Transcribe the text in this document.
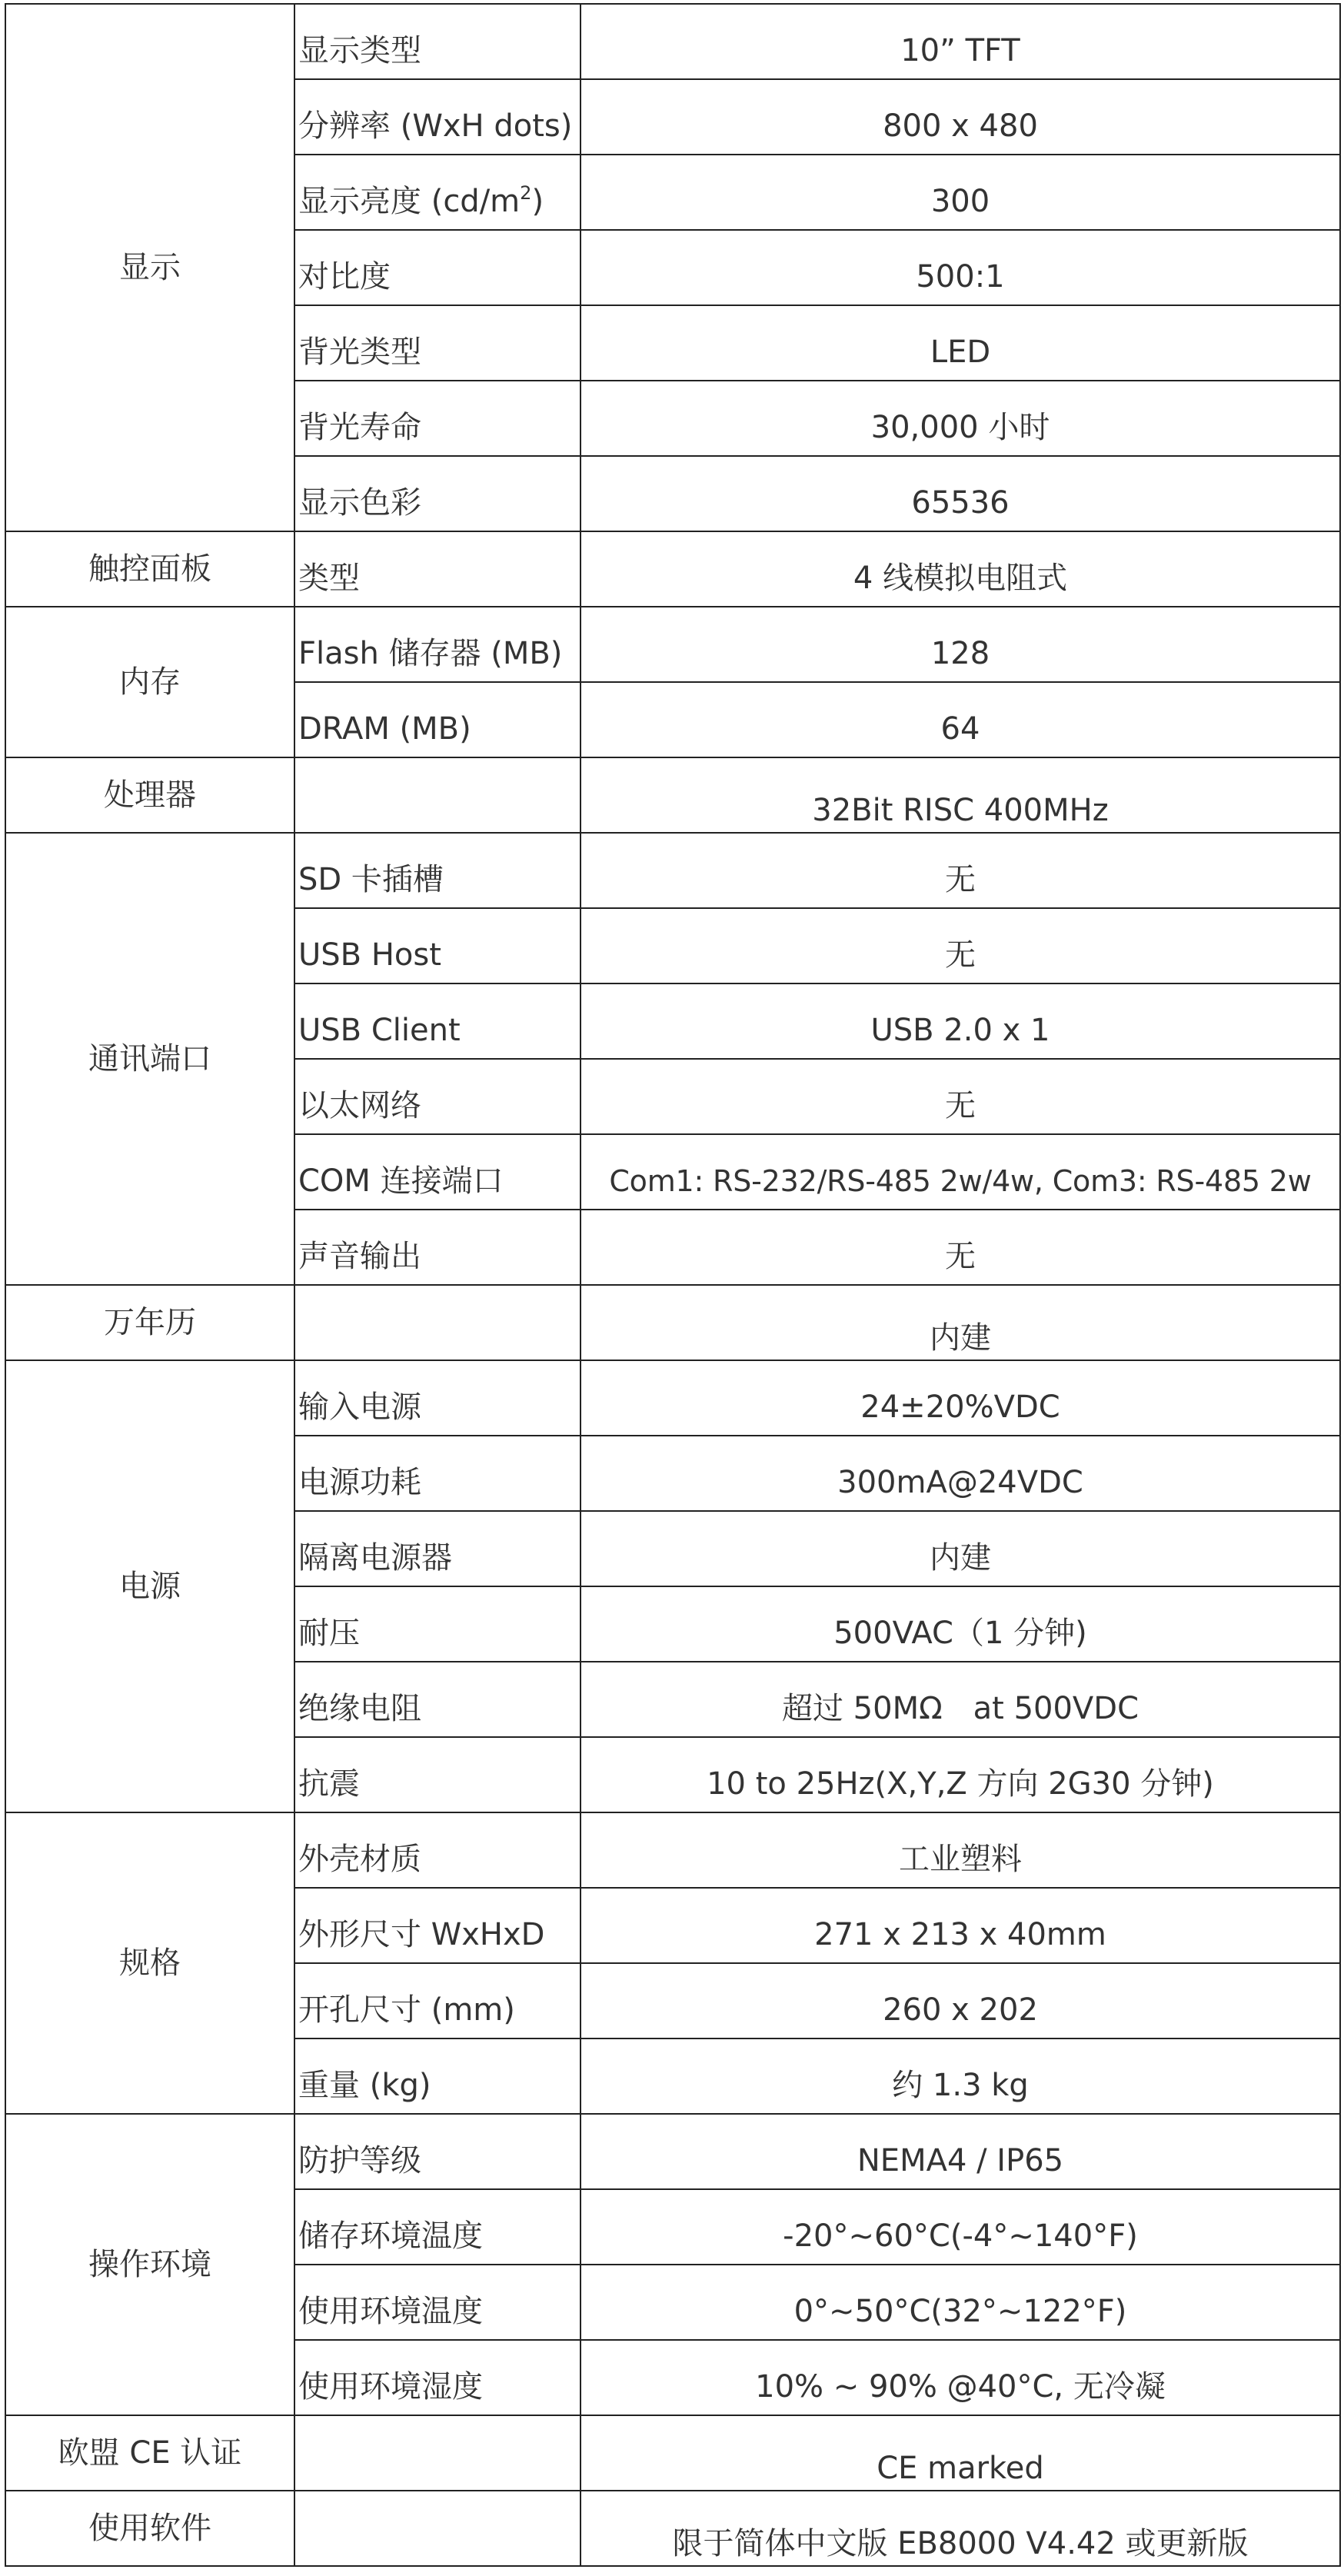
显示	显示类型	10” TFT
	分辨率 (WxH dots)	800 x 480
	显示亮度 $(cd/m^2)$	300
	对比度	500:1
	背光类型	LED
	背光寿命	30,000 小时
	显示色彩	65536
触控面板	类型	4 线模拟电阻式
内存	Flash 储存器 (MB)	128
	DRAM (MB)	64
处理器		32Bit RISC 400MHz
通讯端口	SD 卡插槽	无
	USB Host	无
	USB Client	USB 2.0 x 1
	以太网络	无
	COM 连接端口	Com1: RS-232/RS-485 2w/4w, Com3: RS-485 2w
	声音输出	无
万年历		内建
电源	输入电源	24±20%VDC
	电源功耗	300mA@24VDC
	隔离电源器	内建
	耐压	500VAC（1 分钟)
	绝缘电阻	超过 50MΩ　at 500VDC
	抗震	10 to 25Hz(X,Y,Z 方向 2G30 分钟)
规格	外壳材质	工业塑料
	外形尺寸 WxHxD	271 x 213 x 40mm
	开孔尺寸 (mm)	260 x 202
	重量 (kg)	约 1.3 kg
操作环境	防护等级	NEMA4 / IP65
	储存环境温度	-20°~60°C(-4°~140°F)
	使用环境温度	0°~50°C(32°~122°F)
	使用环境湿度	10% ~ 90% @40°C, 无冷凝
欧盟 CE 认证		CE marked
使用软件		限于简体中文版 EB8000 V4.42 或更新版
